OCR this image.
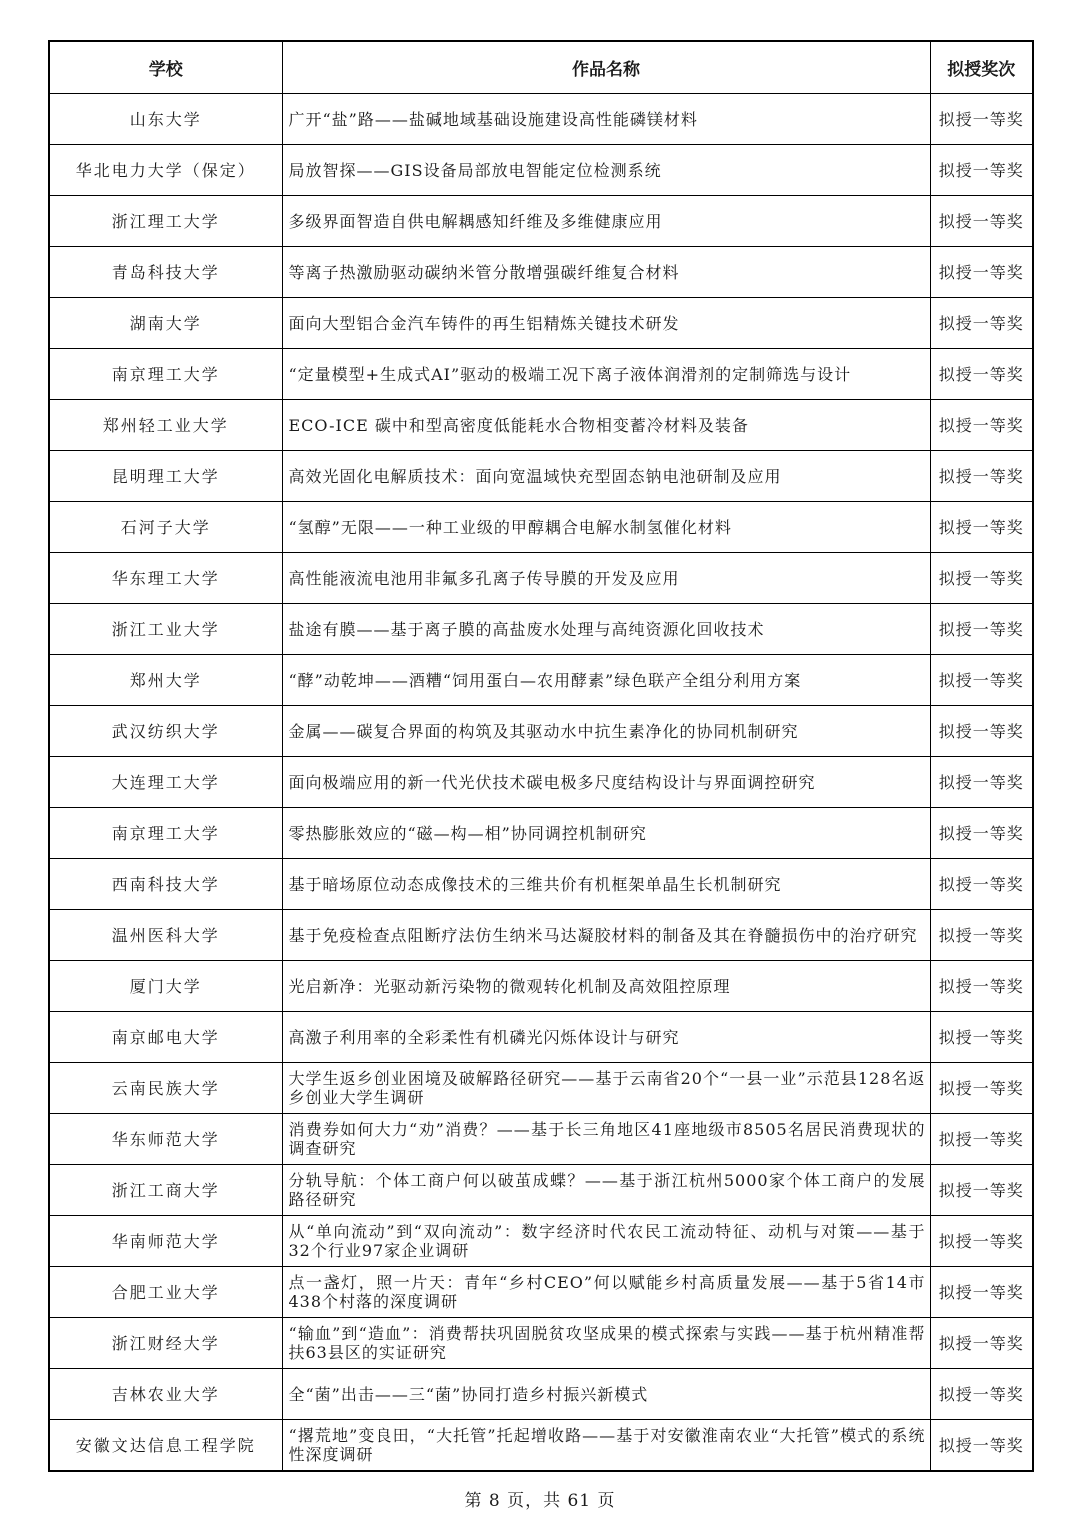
学校	作品名称	拟授奖次
山东大学	广开“盐”路——盐碱地域基础设施建设高性能磷镁材料	拟授一等奖
华北电力大学（保定）	局放智探——GIS设备局部放电智能定位检测系统	拟授一等奖
浙江理工大学	多级界面智造自供电解耦感知纤维及多维健康应用	拟授一等奖
青岛科技大学	等离子热激励驱动碳纳米管分散增强碳纤维复合材料	拟授一等奖
湖南大学	面向大型铝合金汽车铸件的再生铝精炼关键技术研发	拟授一等奖
南京理工大学	“定量模型+生成式AI”驱动的极端工况下离子液体润滑剂的定制筛选与设计	拟授一等奖
郑州轻工业大学	ECO-ICE 碳中和型高密度低能耗水合物相变蓄冷材料及装备	拟授一等奖
昆明理工大学	高效光固化电解质技术：面向宽温域快充型固态钠电池研制及应用	拟授一等奖
石河子大学	“氢醇”无限——一种工业级的甲醇耦合电解水制氢催化材料	拟授一等奖
华东理工大学	高性能液流电池用非氟多孔离子传导膜的开发及应用	拟授一等奖
浙江工业大学	盐途有膜——基于离子膜的高盐废水处理与高纯资源化回收技术	拟授一等奖
郑州大学	“酵”动乾坤——酒糟“饲用蛋白—农用酵素”绿色联产全组分利用方案	拟授一等奖
武汉纺织大学	金属——碳复合界面的构筑及其驱动水中抗生素净化的协同机制研究	拟授一等奖
大连理工大学	面向极端应用的新一代光伏技术碳电极多尺度结构设计与界面调控研究	拟授一等奖
南京理工大学	零热膨胀效应的“磁—构—相”协同调控机制研究	拟授一等奖
西南科技大学	基于暗场原位动态成像技术的三维共价有机框架单晶生长机制研究	拟授一等奖
温州医科大学	基于免疫检查点阻断疗法仿生纳米马达凝胶材料的制备及其在脊髓损伤中的治疗研究	拟授一等奖
厦门大学	光启新净：光驱动新污染物的微观转化机制及高效阻控原理	拟授一等奖
南京邮电大学	高激子利用率的全彩柔性有机磷光闪烁体设计与研究	拟授一等奖
云南民族大学	大学生返乡创业困境及破解路径研究——基于云南省20个“一县一业”示范县128名返乡创业大学生调研	拟授一等奖
华东师范大学	消费券如何大力“劝”消费？——基于长三角地区41座地级市8505名居民消费现状的调查研究	拟授一等奖
浙江工商大学	分轨导航：个体工商户何以破茧成蝶？——基于浙江杭州5000家个体工商户的发展路径研究	拟授一等奖
华南师范大学	从“单向流动”到“双向流动”：数字经济时代农民工流动特征、动机与对策——基于32个行业97家企业调研	拟授一等奖
合肥工业大学	点一盏灯，照一片天：青年“乡村CEO”何以赋能乡村高质量发展——基于5省14市438个村落的深度调研	拟授一等奖
浙江财经大学	“输血”到“造血”：消费帮扶巩固脱贫攻坚成果的模式探索与实践——基于杭州精准帮扶63县区的实证研究	拟授一等奖
吉林农业大学	全“菌”出击——三“菌”协同打造乡村振兴新模式	拟授一等奖
安徽文达信息工程学院	“撂荒地”变良田，“大托管”托起增收路——基于对安徽淮南农业“大托管”模式的系统性深度调研	拟授一等奖
第 8 页，共 61 页
